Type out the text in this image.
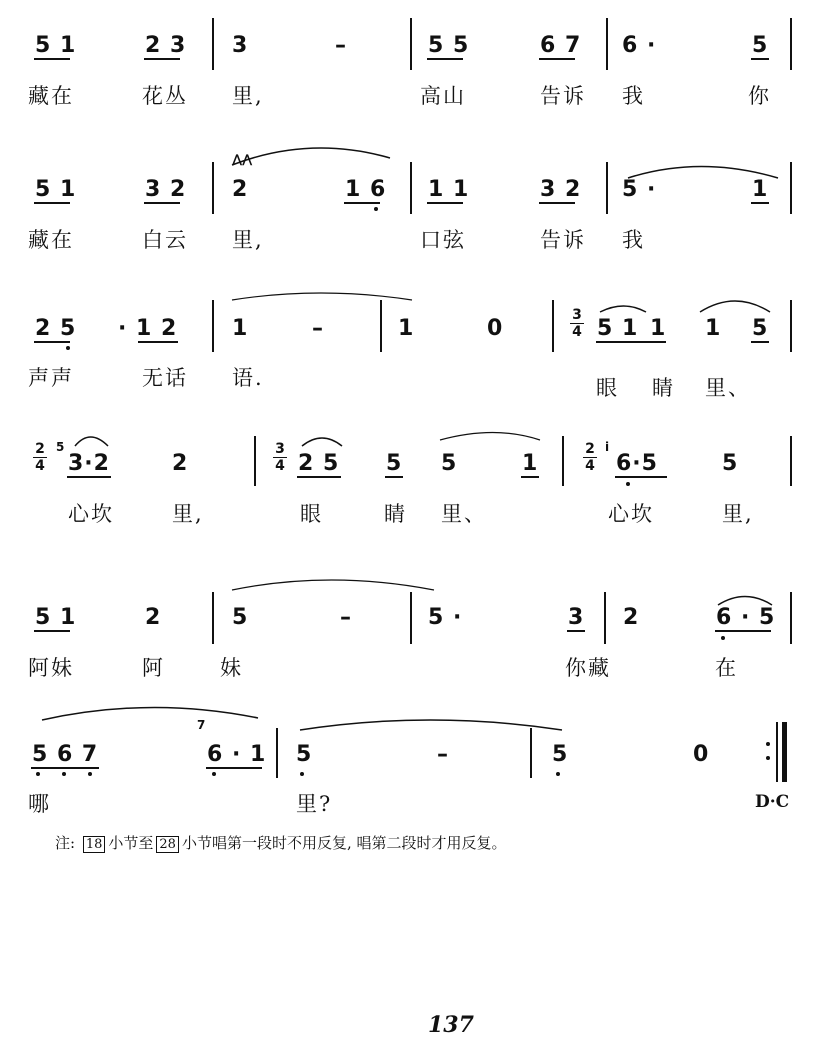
5 1	2 3 3	–	5 5	6 7 6 ·	5
藏在	花丛 里,	高山	告诉 我	你
5 1	3 2 2	1 6 1 1	3 2 5 ·	1
⋀⋀
藏在	白云 里,	口弦	告诉 我
2 5 · 1 2 1	–	1	0
3
4 5 1 1 1 5
声声	无话 语.	眼 睛 里、
2
4
5
3·2	2
3
4 2 5 5 5	1
2
4
i
6·5	5
心坎	里,	眼	睛 里、	心坎	里,
5 1	2	5	–	5 ·	3 2	6 · 5
阿妹	阿	妹	你藏	在
5 6 7
7
6 · 1 5	–	5	0
哪	里?	D·C
注: 18 小节至 28 小节唱第一段时不用反复, 唱第二段时才用反复。
137
